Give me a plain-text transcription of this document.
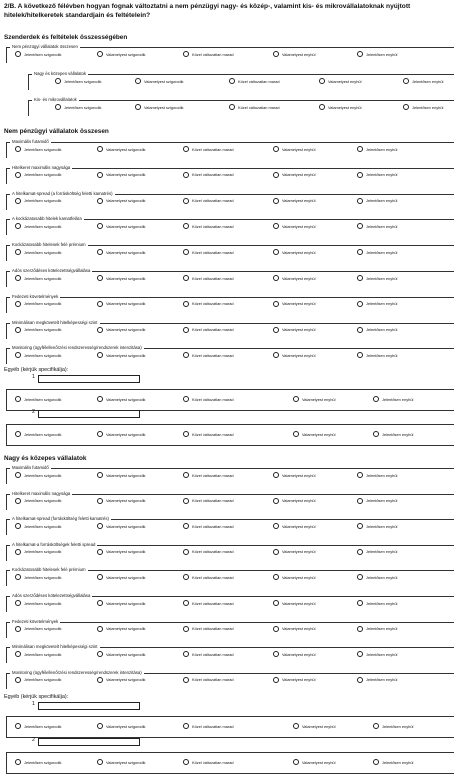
2/B. A következő félévben hogyan fognak változtatni a nem pénzügyi nagy- és közép-, valamint kis- és mikrovállalatoknak nyújtott hitelek/hitelkeretek standardjain és feltételein?
Szenderdek és feltételek összességében
Nem pénzügyi vállalatok összesen
Jelentősen szigorodik	Valamelyest szigorodik	Közel változatlan marad	Valamelyest enyhül	Jelentősen enyhül
Nagy és közepes vállalatok
Jelentősen szigorodik	Valamelyest szigorodik	Közel változatlan marad	Valamelyest enyhül	Jelentősen enyhül
Kis- és mikrovállalatok
Jelentősen szigorodik	Valamelyest szigorodik	Közel változatlan marad	Valamelyest enyhül	Jelentősen enyhül
Nem pénzügyi vállalatok összesen
Maximális futamidő
Jelentősen szigorodik	Valamelyest szigorodik	Közel változatlan marad	Valamelyest enyhül	Jelentősen enyhül
Hitelkeret maximális nagysága
Jelentősen szigorodik	Valamelyest szigorodik	Közel változatlan marad	Valamelyest enyhül	Jelentősen enyhül
A hitelkamat-spread (a forrásköltség feletti kamatrés)
Jelentősen szigorodik	Valamelyest szigorodik	Közel változatlan marad	Valamelyest enyhül	Jelentősen enyhül
A kockázatosabb hitelek kamatfelára
Jelentősen szigorodik	Valamelyest szigorodik	Közel változatlan marad	Valamelyest enyhül	Jelentősen enyhül
Kockázatosabb hitelesek felé prémium
Jelentősen szigorodik	Valamelyest szigorodik	Közel változatlan marad	Valamelyest enyhül	Jelentősen enyhül
Adós szerződéses kötelezettségvállalása
Jelentősen szigorodik	Valamelyest szigorodik	Közel változatlan marad	Valamelyest enyhül	Jelentősen enyhül
Fedezeti követelmények
Jelentősen szigorodik	Valamelyest szigorodik	Közel változatlan marad	Valamelyest enyhül	Jelentősen enyhül
Minimálisan megkövetelt hitelképességi szint
Jelentősen szigorodik	Valamelyest szigorodik	Közel változatlan marad	Valamelyest enyhül	Jelentősen enyhül
Monitoring (ügyfélellenőrzési rendszeresség/rendszerek intenzitása)
Jelentősen szigorodik	Valamelyest szigorodik	Közel változatlan marad	Valamelyest enyhül	Jelentősen enyhül
Egyéb (kérjük specifikálja):
1
Jelentősen szigorodik	Valamelyest szigorodik	Közel változatlan marad	Valamelyest enyhül	Jelentősen enyhül
2
Jelentősen szigorodik	Valamelyest szigorodik	Közel változatlan marad	Valamelyest enyhül	Jelentősen enyhül
Nagy és közepes vállalatok
Maximális futamidő
Jelentősen szigorodik	Valamelyest szigorodik	Közel változatlan marad	Valamelyest enyhül	Jelentősen enyhül
Hitelkeret maximális nagysága
Jelentősen szigorodik	Valamelyest szigorodik	Közel változatlan marad	Valamelyest enyhül	Jelentősen enyhül
A hitelkamat-spread (forrásköltség feletti kamatrés)
Jelentősen szigorodik	Valamelyest szigorodik	Közel változatlan marad	Valamelyest enyhül	Jelentősen enyhül
A hitelkamat-a forrásköltségek feletti spread
Jelentősen szigorodik	Valamelyest szigorodik	Közel változatlan marad	Valamelyest enyhül	Jelentősen enyhül
Kockázatosabb hitelesek felé prémium
Jelentősen szigorodik	Valamelyest szigorodik	Közel változatlan marad	Valamelyest enyhül	Jelentősen enyhül
Adós szerződéses kötelezettségvállalása
Jelentősen szigorodik	Valamelyest szigorodik	Közel változatlan marad	Valamelyest enyhül	Jelentősen enyhül
Fedezeti követelmények
Jelentősen szigorodik	Valamelyest szigorodik	Közel változatlan marad	Valamelyest enyhül	Jelentősen enyhül
Minimálisan megkövetelt hitelképességi szint
Jelentősen szigorodik	Valamelyest szigorodik	Közel változatlan marad	Valamelyest enyhül	Jelentősen enyhül
Monitoring (ügyfélellenőrzési rendszeresség/rendszerek intenzitása)
Jelentősen szigorodik	Valamelyest szigorodik	Közel változatlan marad	Valamelyest enyhül	Jelentősen enyhül
Egyéb (kérjük specifikálja):
1
Jelentősen szigorodik	Valamelyest szigorodik	Közel változatlan marad	Valamelyest enyhül	Jelentősen enyhül
2
Jelentősen szigorodik	Valamelyest szigorodik	Közel változatlan marad	Valamelyest enyhül	Jelentősen enyhül
